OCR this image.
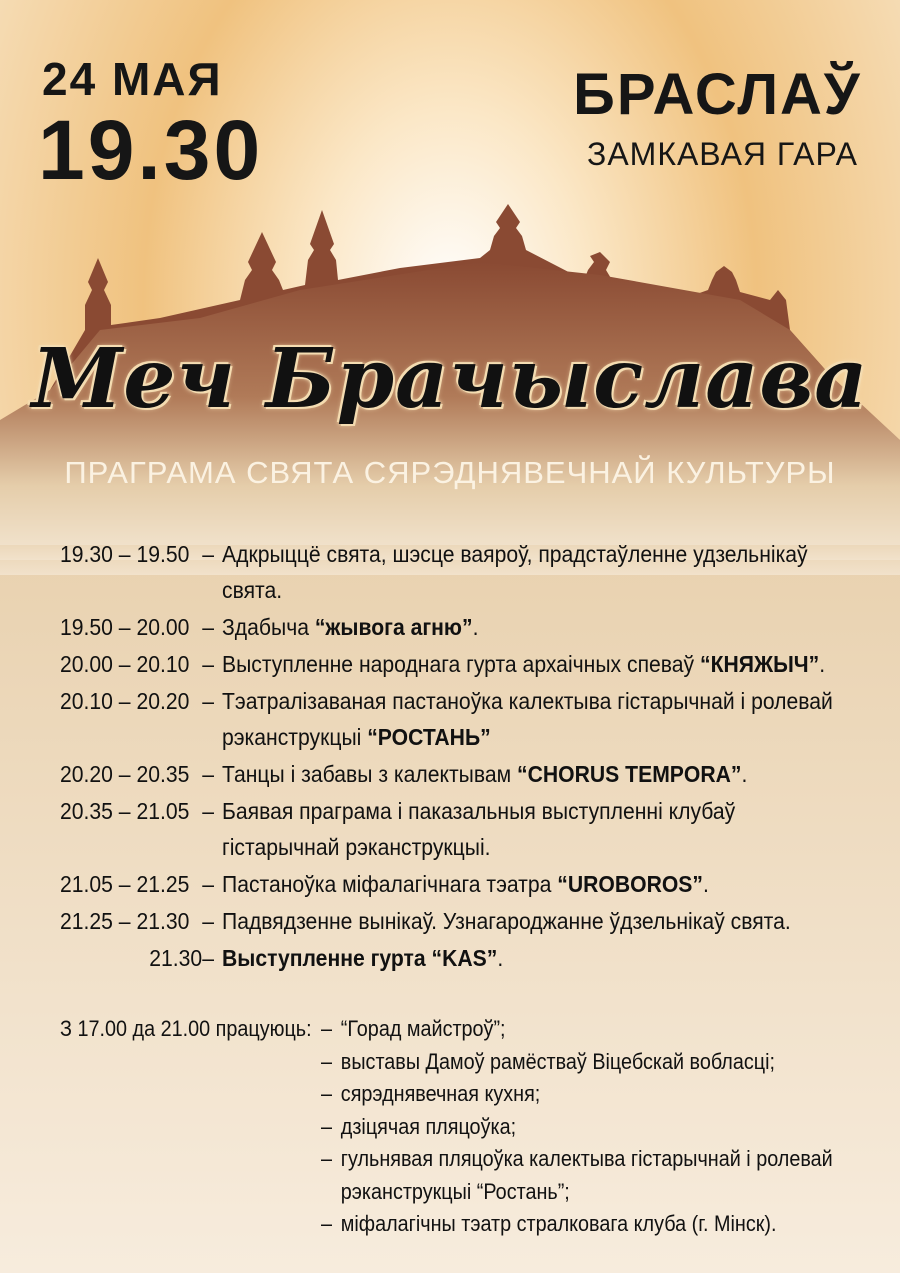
24 МАЯ
19.30
БРАСЛАЎ
ЗАМКАВАЯ ГАРА
Меч Брачыслава
ПРАГРАМА СВЯТА СЯРЭДНЯВЕЧНАЙ КУЛЬТУРЫ
19.30 – 19.50 – Адкрыццё свята, шэсце ваяроў, прадстаўленне удзельнікаў свята.
19.50 – 20.00 – Здабыча “жывога агню”.
20.00 – 20.10 – Выступленне народнага гурта архаічных спеваў “КНЯЖЫЧ”.
20.10 – 20.20 – Тэатралізаваная пастаноўка калектыва гістарычнай і ролевай рэканструкцыі “РОСТАНЬ”
20.20 – 20.35 – Танцы і забавы з калектывам “CHORUS TEMPORA”.
20.35 – 21.05 – Баявая праграма і паказальныя выступленні клубаў гістарычнай рэканструкцыі.
21.05 – 21.25 – Пастаноўка міфалагічнага тэатра “UROBOROS”.
21.25 – 21.30 – Падвядзенне вынікаў. Узнагароджанне ўдзельнікаў свята.
21.30 – Выступленне гурта “KAS”.
З 17.00 да 21.00 працуюць: – “Горад майстроў”;
– выставы Дамоў рамёстваў Віцебскай вобласці;
– сярэднявечная кухня;
– дзіцячая пляцоўка;
– гульнявая пляцоўка калектыва гістарычнай і ролевай рэканструкцыі “Ростань”;
– міфалагічны тэатр стралковага клуба (г. Мінск).
